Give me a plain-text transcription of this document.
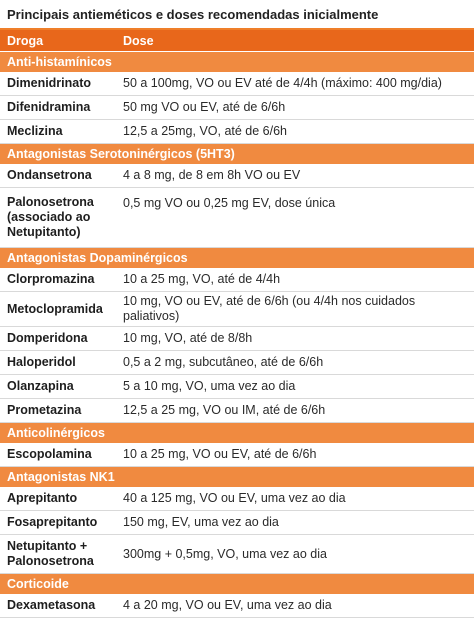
Principais antieméticos e doses recomendadas inicialmente
Droga	Dose
Anti-histamínicos	
Dimenidrinato	50 a 100mg, VO ou EV até de 4/4h (máximo: 400 mg/dia)
Difenidramina	50 mg VO ou EV, até de 6/6h
Meclizina	12,5 a 25mg, VO, até de 6/6h
Antagonistas Serotoninérgicos (5HT3)	
Ondansetrona	4 a 8 mg, de 8 em 8h VO ou EV
Palonosetrona (associado ao Netupitanto)	0,5 mg VO ou 0,25 mg EV, dose única
Antagonistas Dopaminérgicos	
Clorpromazina	10 a 25 mg, VO, até de 4/4h
Metoclopramida	10 mg, VO ou EV, até de 6/6h (ou 4/4h nos cuidados paliativos)
Domperidona	10 mg, VO, até de 8/8h
Haloperidol	0,5 a 2 mg, subcutâneo, até de 6/6h
Olanzapina	5 a 10 mg, VO, uma vez ao dia
Prometazina	12,5 a 25 mg, VO ou IM, até de 6/6h
Anticolinérgicos	
Escopolamina	10 a 25 mg, VO ou EV, até de 6/6h
Antagonistas NK1	
Aprepitanto	40 a 125 mg, VO ou EV, uma vez ao dia
Fosaprepitanto	150 mg, EV, uma vez ao dia
Netupitanto + Palonosetrona	300mg + 0,5mg, VO, uma vez ao dia
Corticoide	
Dexametasona	4 a 20 mg, VO ou EV, uma vez ao dia
